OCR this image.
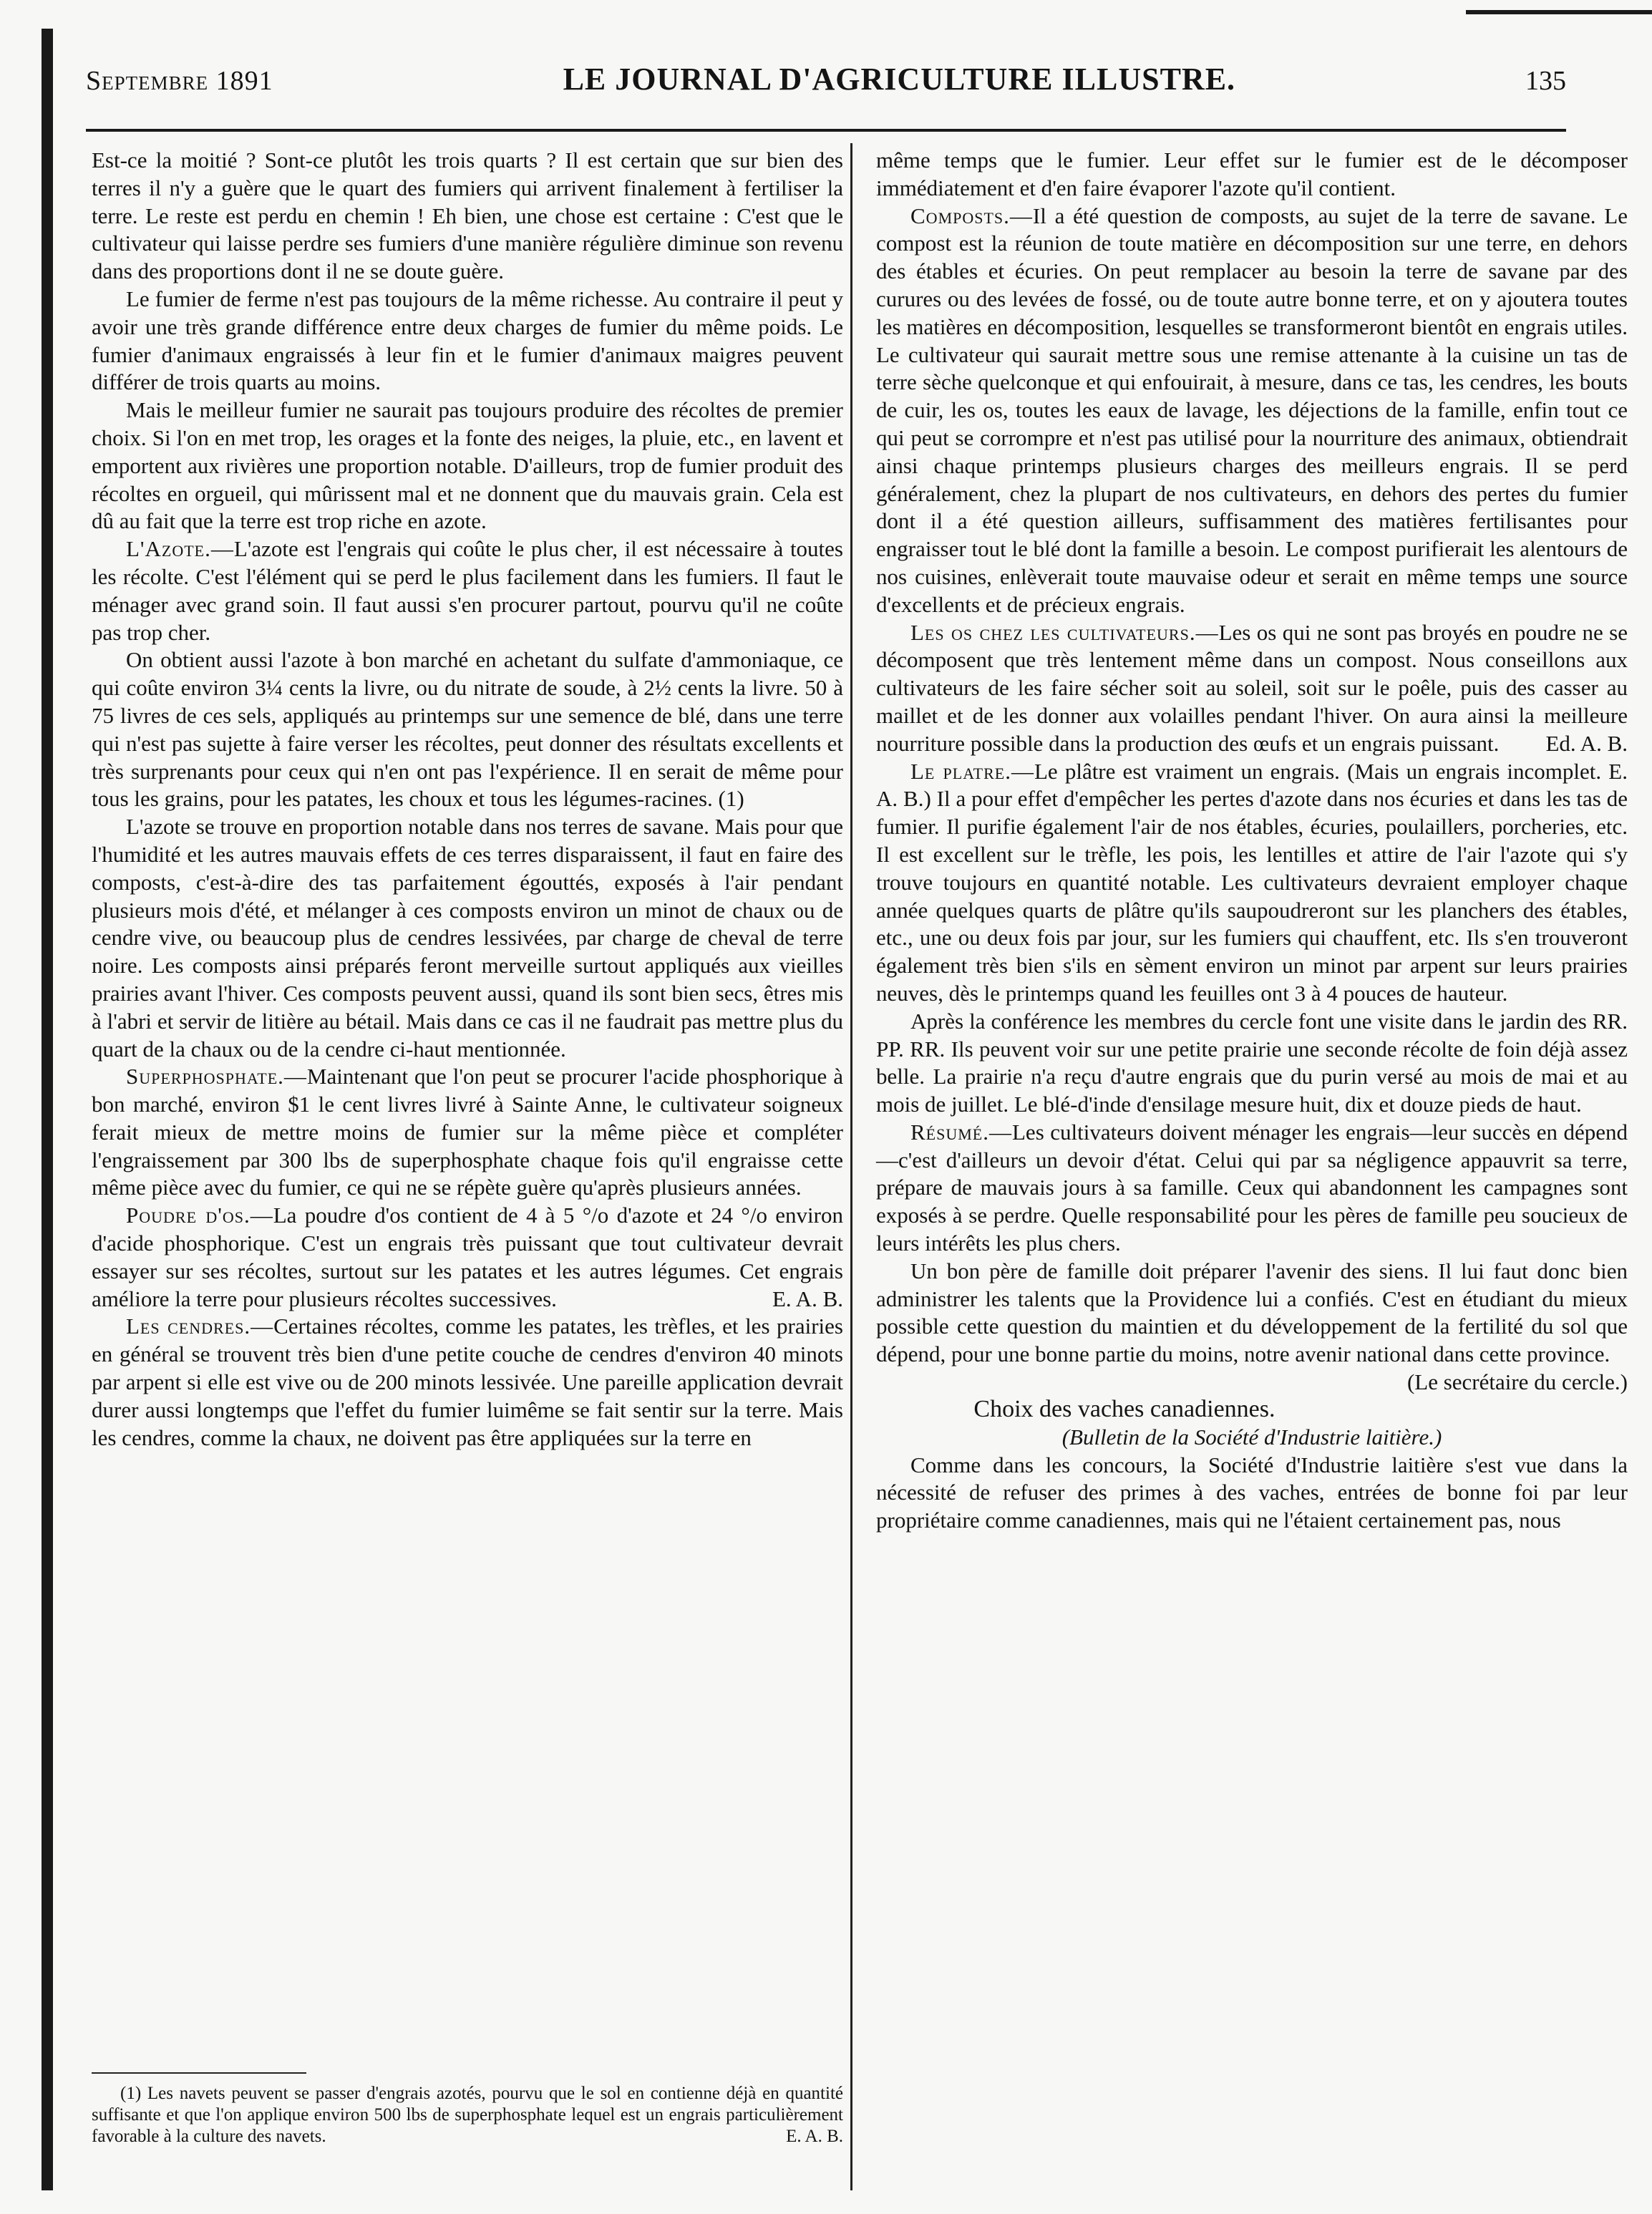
Septembre 1891	LE JOURNAL D'AGRICULTURE ILLUSTRE.	135

Est-ce la moitié ? Sont-ce plutôt les trois quarts ? Il est certain que sur bien des terres il n'y a guère que le quart des fumiers qui arrivent finalement à fertiliser la terre. Le reste est perdu en chemin ! Eh bien, une chose est certaine : C'est que le cultivateur qui laisse perdre ses fumiers d'une manière régulière diminue son revenu dans des proportions dont il ne se doute guère.

Le fumier de ferme n'est pas toujours de la même richesse. Au contraire il peut y avoir une très grande différence entre deux charges de fumier du même poids. Le fumier d'animaux engraissés à leur fin et le fumier d'animaux maigres peuvent différer de trois quarts au moins.

Mais le meilleur fumier ne saurait pas toujours produire des récoltes de premier choix. Si l'on en met trop, les orages et la fonte des neiges, la pluie, etc., en lavent et emportent aux rivières une proportion notable. D'ailleurs, trop de fumier produit des récoltes en orgueil, qui mûrissent mal et ne donnent que du mauvais grain. Cela est dû au fait que la terre est trop riche en azote.

L'Azote.—L'azote est l'engrais qui coûte le plus cher, il est nécessaire à toutes les récolte. C'est l'élément qui se perd le plus facilement dans les fumiers. Il faut le ménager avec grand soin. Il faut aussi s'en procurer partout, pourvu qu'il ne coûte pas trop cher.

On obtient aussi l'azote à bon marché en achetant du sulfate d'ammoniaque, ce qui coûte environ 3¼ cents la livre, ou du nitrate de soude, à 2½ cents la livre. 50 à 75 livres de ces sels, appliqués au printemps sur une semence de blé, dans une terre qui n'est pas sujette à faire verser les récoltes, peut donner des résultats excellents et très surprenants pour ceux qui n'en ont pas l'expérience. Il en serait de même pour tous les grains, pour les patates, les choux et tous les légumes-racines. (1)

L'azote se trouve en proportion notable dans nos terres de savane. Mais pour que l'humidité et les autres mauvais effets de ces terres disparaissent, il faut en faire des composts, c'est-à-dire des tas parfaitement égouttés, exposés à l'air pendant plusieurs mois d'été, et mélanger à ces composts environ un minot de chaux ou de cendre vive, ou beaucoup plus de cendres lessivées, par charge de cheval de terre noire. Les composts ainsi préparés feront merveille surtout appliqués aux vieilles prairies avant l'hiver. Ces composts peuvent aussi, quand ils sont bien secs, êtres mis à l'abri et servir de litière au bétail. Mais dans ce cas il ne faudrait pas mettre plus du quart de la chaux ou de la cendre ci-haut mentionnée.

Superphosphate.—Maintenant que l'on peut se procurer l'acide phosphorique à bon marché, environ $1 le cent livres livré à Sainte Anne, le cultivateur soigneux ferait mieux de mettre moins de fumier sur la même pièce et compléter l'engraissement par 300 lbs de superphosphate chaque fois qu'il engraisse cette même pièce avec du fumier, ce qui ne se répète guère qu'après plusieurs années.

Poudre d'os.—La poudre d'os contient de 4 à 5 °/o d'azote et 24 °/o environ d'acide phosphorique. C'est un engrais très puissant que tout cultivateur devrait essayer sur ses récoltes, surtout sur les patates et les autres légumes. Cet engrais améliore la terre pour plusieurs récoltes successives.	E. A. B.

Les cendres.—Certaines récoltes, comme les patates, les trèfles, et les prairies en général se trouvent très bien d'une petite couche de cendres d'environ 40 minots par arpent si elle est vive ou de 200 minots lessivée. Une pareille application devrait durer aussi longtemps que l'effet du fumier luimême se fait sentir sur la terre. Mais les cendres, comme la chaux, ne doivent pas être appliquées sur la terre en

(1) Les navets peuvent se passer d'engrais azotés, pourvu que le sol en contienne déjà en quantité suffisante et que l'on applique environ 500 lbs de superphosphate lequel est un engrais particulièrement favorable à la culture des navets.	E. A. B.

même temps que le fumier. Leur effet sur le fumier est de le décomposer immédiatement et d'en faire évaporer l'azote qu'il contient.

Composts.—Il a été question de composts, au sujet de la terre de savane. Le compost est la réunion de toute matière en décomposition sur une terre, en dehors des étables et écuries. On peut remplacer au besoin la terre de savane par des curures ou des levées de fossé, ou de toute autre bonne terre, et on y ajoutera toutes les matières en décomposition, lesquelles se transformeront bientôt en engrais utiles. Le cultivateur qui saurait mettre sous une remise attenante à la cuisine un tas de terre sèche quelconque et qui enfouirait, à mesure, dans ce tas, les cendres, les bouts de cuir, les os, toutes les eaux de lavage, les déjections de la famille, enfin tout ce qui peut se corrompre et n'est pas utilisé pour la nourriture des animaux, obtiendrait ainsi chaque printemps plusieurs charges des meilleurs engrais. Il se perd généralement, chez la plupart de nos cultivateurs, en dehors des pertes du fumier dont il a été question ailleurs, suffisamment des matières fertilisantes pour engraisser tout le blé dont la famille a besoin. Le compost purifierait les alentours de nos cuisines, enlèverait toute mauvaise odeur et serait en même temps une source d'excellents et de précieux engrais.

Les os chez les cultivateurs.—Les os qui ne sont pas broyés en poudre ne se décomposent que très lentement même dans un compost. Nous conseillons aux cultivateurs de les faire sécher soit au soleil, soit sur le poêle, puis des casser au maillet et de les donner aux volailles pendant l'hiver. On aura ainsi la meilleure nourriture possible dans la production des œufs et un engrais puissant.	Ed. A. B.

Le platre.—Le plâtre est vraiment un engrais. (Mais un engrais incomplet. E. A. B.) Il a pour effet d'empêcher les pertes d'azote dans nos écuries et dans les tas de fumier. Il purifie également l'air de nos étables, écuries, poulaillers, porcheries, etc. Il est excellent sur le trèfle, les pois, les lentilles et attire de l'air l'azote qui s'y trouve toujours en quantité notable. Les cultivateurs devraient employer chaque année quelques quarts de plâtre qu'ils saupoudreront sur les planchers des étables, etc., une ou deux fois par jour, sur les fumiers qui chauffent, etc. Ils s'en trouveront également très bien s'ils en sèment environ un minot par arpent sur leurs prairies neuves, dès le printemps quand les feuilles ont 3 à 4 pouces de hauteur.

Après la conférence les membres du cercle font une visite dans le jardin des RR. PP. RR. Ils peuvent voir sur une petite prairie une seconde récolte de foin déjà assez belle. La prairie n'a reçu d'autre engrais que du purin versé au mois de mai et au mois de juillet. Le blé-d'inde d'ensilage mesure huit, dix et douze pieds de haut.

Résumé.—Les cultivateurs doivent ménager les engrais—leur succès en dépend—c'est d'ailleurs un devoir d'état. Celui qui par sa négligence appauvrit sa terre, prépare de mauvais jours à sa famille. Ceux qui abandonnent les campagnes sont exposés à se perdre. Quelle responsabilité pour les pères de famille peu soucieux de leurs intérêts les plus chers.

Un bon père de famille doit préparer l'avenir des siens. Il lui faut donc bien administrer les talents que la Providence lui a confiés. C'est en étudiant du mieux possible cette question du maintien et du développement de la fertilité du sol que dépend, pour une bonne partie du moins, notre avenir national dans cette province.
(Le secrétaire du cercle.)

Choix des vaches canadiennes.

(Bulletin de la Société d'Industrie laitière.)

Comme dans les concours, la Société d'Industrie laitière s'est vue dans la nécessité de refuser des primes à des vaches, entrées de bonne foi par leur propriétaire comme canadiennes, mais qui ne l'étaient certainement pas, nous
